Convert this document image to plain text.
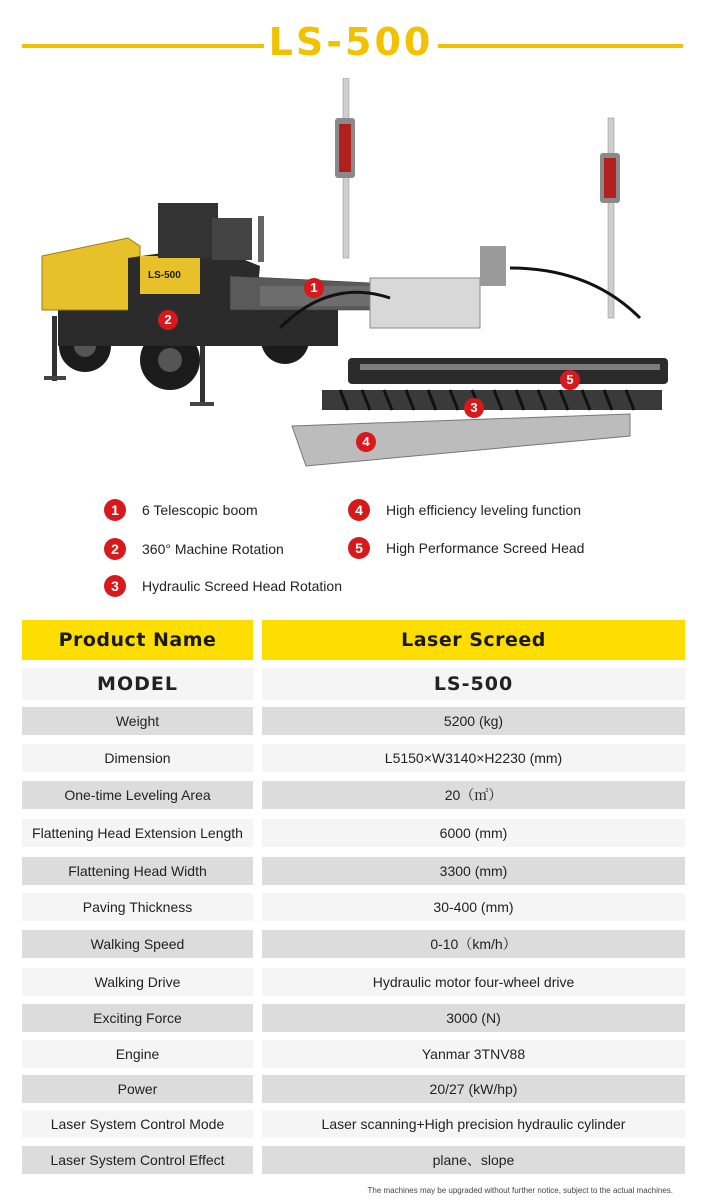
LS-500
LS-500
1
2
3
4
5
1	6 Telescopic boom
2	360° Machine Rotation
3	Hydraulic Screed Head Rotation
4	High efficiency leveling function
5	High Performance Screed Head
Product Name	Laser Screed
MODEL	LS-500
Weight	5200 (kg)
Dimension	L5150×W3140×H2230 (mm)
One-time Leveling Area	20（㎡）
Flattening Head Extension Length	6000 (mm)
Flattening Head Width	3300 (mm)
Paving Thickness	30-400 (mm)
Walking Speed	0-10（km/h）
Walking Drive	Hydraulic motor four-wheel drive
Exciting Force	3000 (N)
Engine	Yanmar 3TNV88
Power	20/27 (kW/hp)
Laser System Control Mode	Laser scanning+High precision hydraulic cylinder
Laser System Control Effect	plane、slope
The machines may be upgraded without further notice, subject to the actual machines.
